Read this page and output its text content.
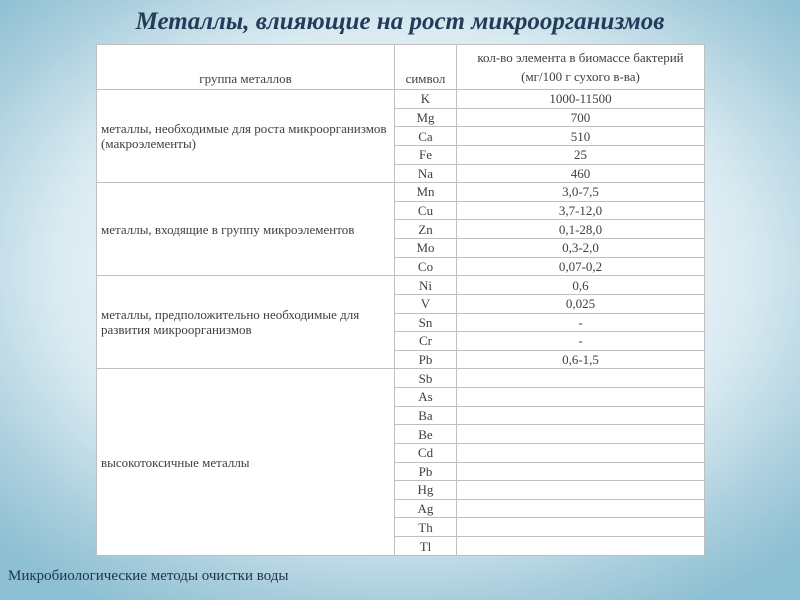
Металлы, влияющие на рост микроорганизмов
группа металлов	символ	кол-во элемента в биомассе бактерий (мг/100 г сухого в-ва)
металлы, необходимые для роста микроорганизмов (макроэлементы)	K	1000-11500
	Mg	700
	Ca	510
	Fe	25
	Na	460
металлы, входящие в группу микроэлементов	Mn	3,0-7,5
	Cu	3,7-12,0
	Zn	0,1-28,0
	Mo	0,3-2,0
	Co	0,07-0,2
металлы, предположительно необходимые для развития микроорганизмов	Ni	0,6
	V	0,025
	Sn	-
	Cr	-
	Pb	0,6-1,5
высокотоксичные металлы	Sb	
	As	
	Ba	
	Be	
	Cd	
	Pb	
	Hg	
	Ag	
	Th	
	Tl	
Микробиологические методы очистки воды
